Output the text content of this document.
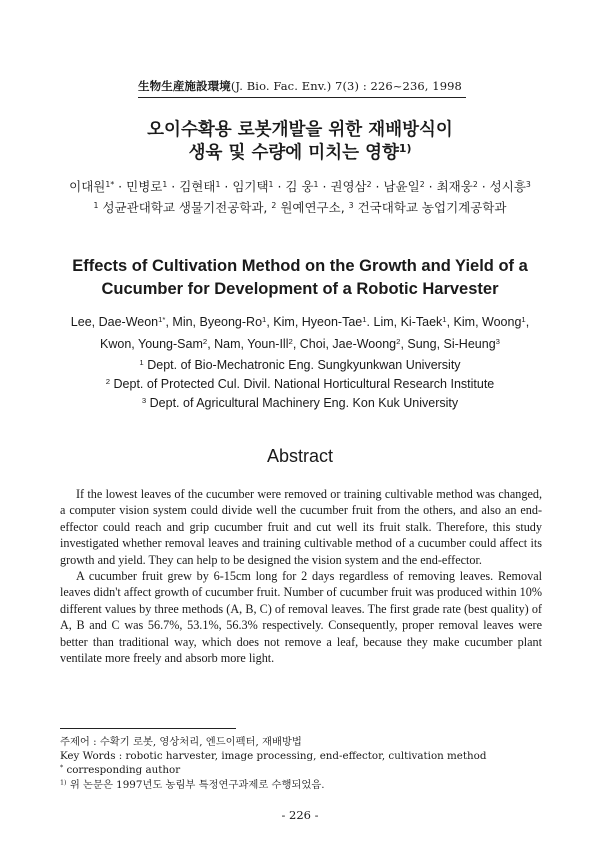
生物生産施設環境(J. Bio. Fac. Env.) 7(3) : 226~236, 1998
오이수확용 로봇개발을 위한 재배방식이
생육 및 수량에 미치는 영향$^{1)}$
이대원$^{1*}$ · 민병로$^1$ · 김현태$^1$ · 임기택$^1$ · 김 웅$^1$ · 권영삼$^2$ · 남윤일$^2$ · 최재웅$^2$ · 성시흥$^3$
$^1$ 성균관대학교 생물기전공학과, $^2$ 원예연구소, $^3$ 건국대학교 농업기계공학과
Effects of Cultivation Method on the Growth and Yield of a
Cucumber for Development of a Robotic Harvester
Lee, Dae-Weon$^{1*}$, Min, Byeong-Ro$^1$, Kim, Hyeon-Tae$^1$. Lim, Ki-Taek$^1$, Kim, Woong$^1$,
Kwon, Young-Sam$^2$, Nam, Youn-Ill$^2$, Choi, Jae-Woong$^2$, Sung, Si-Heung$^3$
$^1$ Dept. of Bio-Mechatronic Eng. Sungkyunkwan University
$^2$ Dept. of Protected Cul. Divil. National Horticultural Research Institute
$^3$ Dept. of Agricultural Machinery Eng. Kon Kuk University
Abstract

If the lowest leaves of the cucumber were removed or training cultivable method was changed, a computer vision system could divide well the cucumber fruit from the others, and also an end-effector could reach and grip cucumber fruit and cut well its fruit stalk. Therefore, this study investigated whether removal leaves and training cultivable method of a cucumber could affect its growth and yield. They can help to be designed the vision system and the end-effector.

A cucumber fruit grew by 6-15cm long for 2 days regardless of removing leaves. Removal leaves didn't affect growth of cucumber fruit. Number of cucumber fruit was produced within 10% different values by three methods (A, B, C) of removal leaves. The first grade rate (best quality) of A, B and C was 56.7%, 53.1%, 56.3% respectively. Consequently, proper removal leaves were better than traditional way, which does not remove a leaf, because they make cucumber plant ventilate more freely and absorb more light.

주제어 : 수확기 로봇, 영상처리, 엔드이펙터, 재배방법
Key Words : robotic harvester, image processing, end-effector, cultivation method
* corresponding author
$^{1)}$ 위 논문은 1997년도 농림부 특정연구과제로 수행되었음.
- 226 -
